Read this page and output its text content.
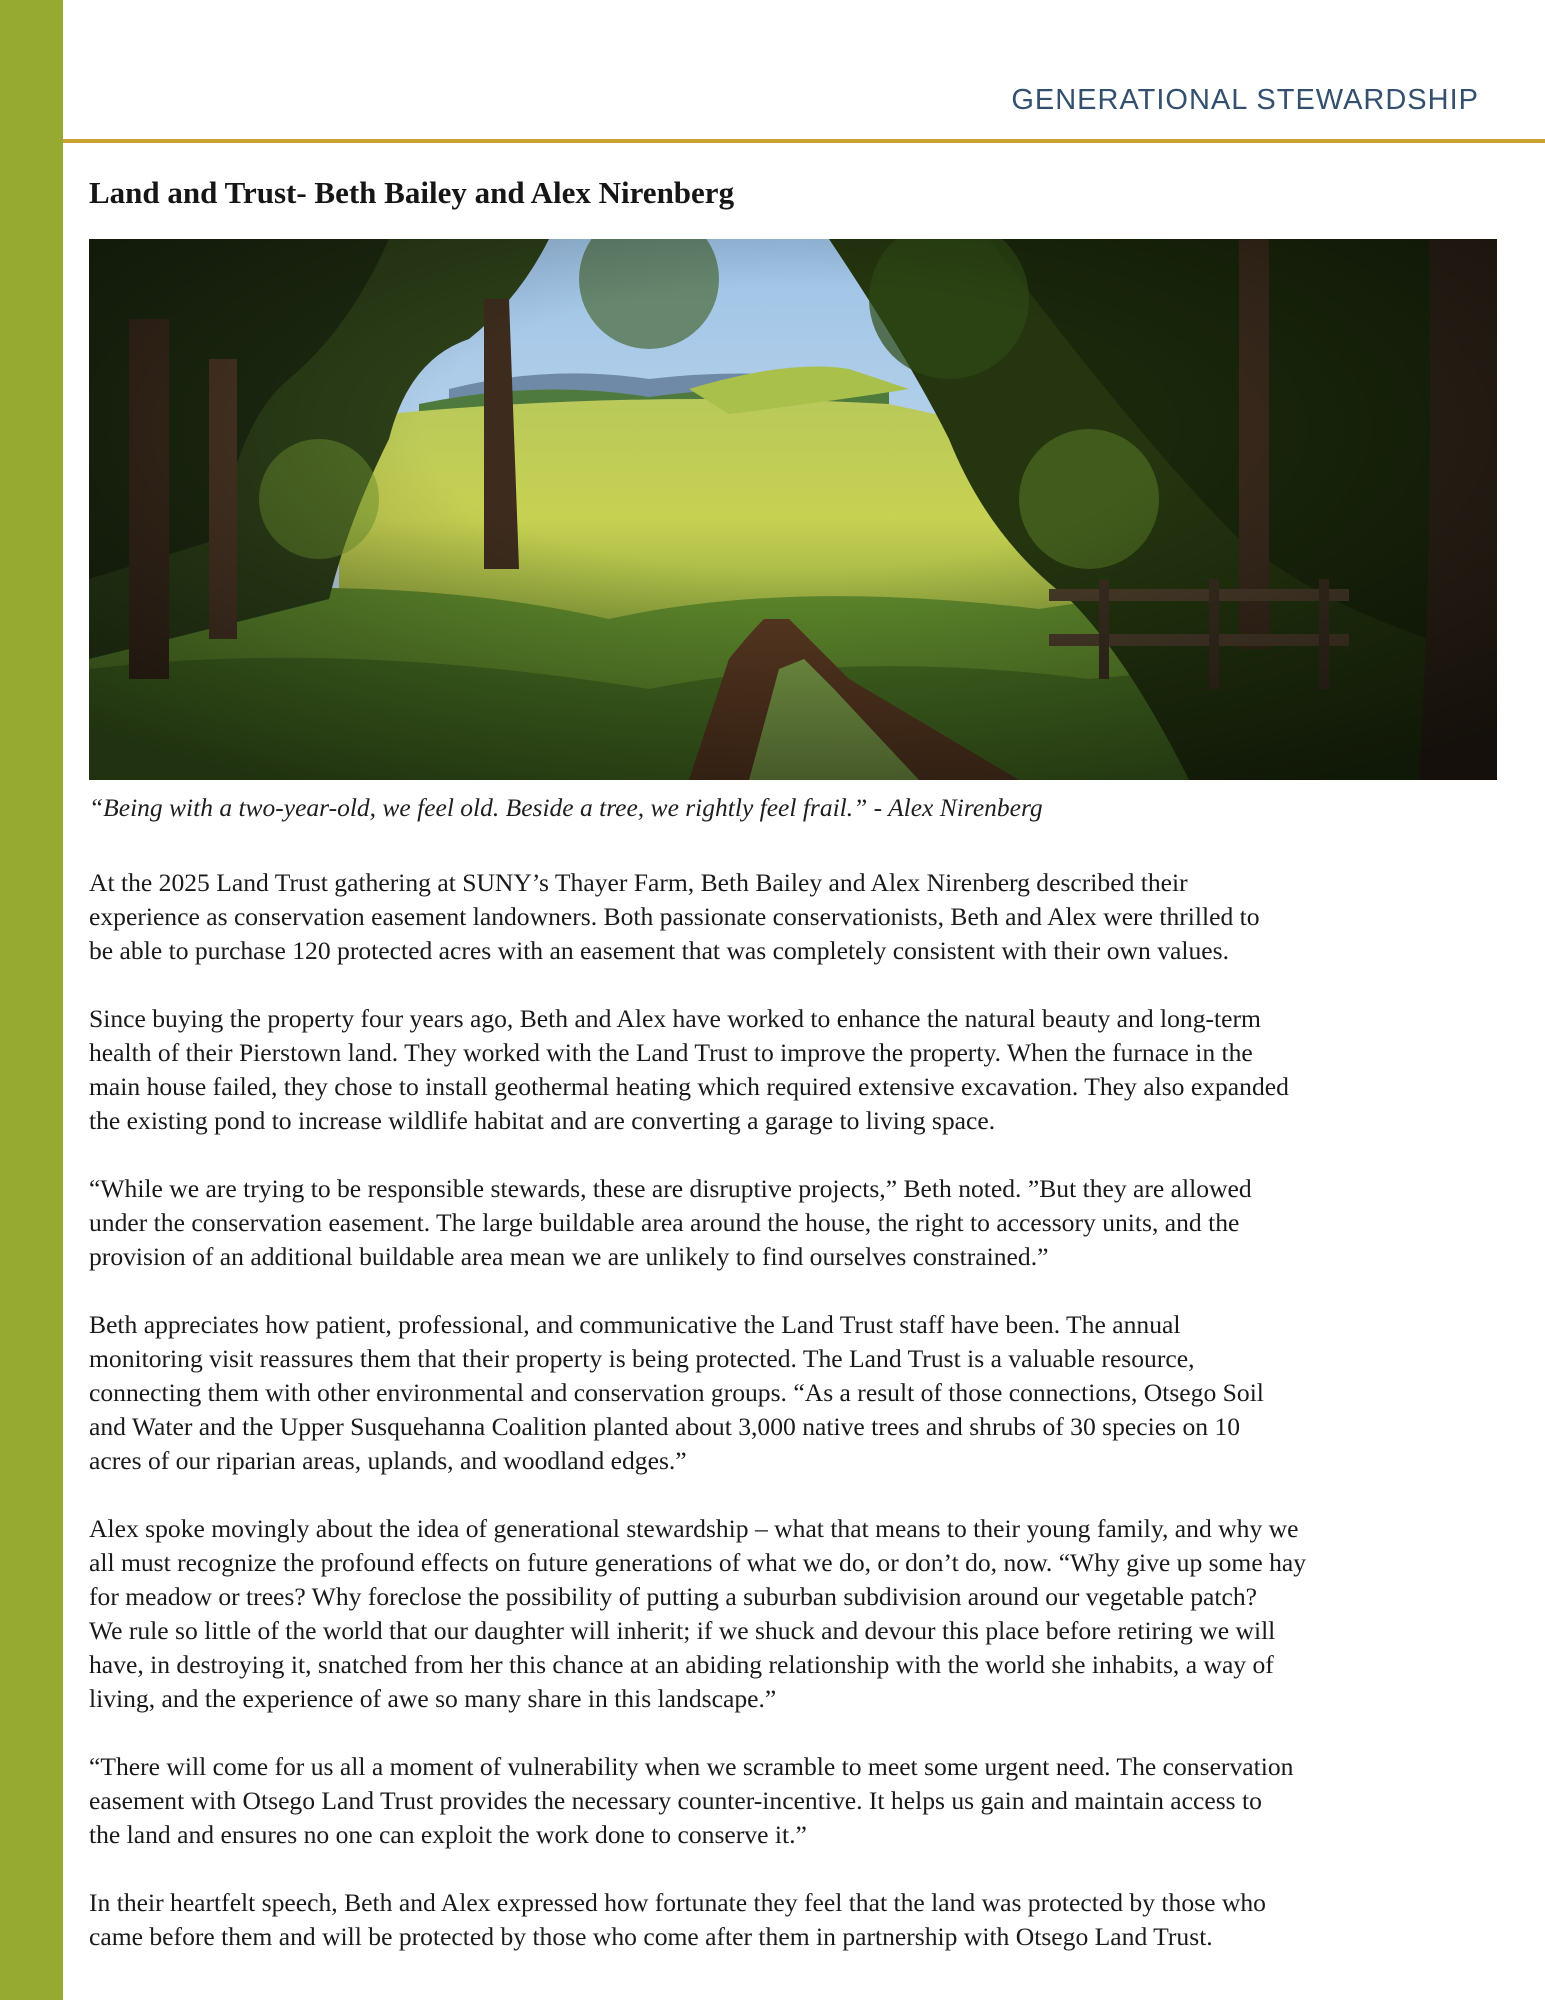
GENERATIONAL STEWARDSHIP
Land and Trust- Beth Bailey and Alex Nirenberg
“Being with a two-year-old, we feel old. Beside a tree, we rightly feel frail.” - Alex Nirenberg

At the 2025 Land Trust gathering at SUNY’s Thayer Farm, Beth Bailey and Alex Nirenberg described their
experience as conservation easement landowners. Both passionate conservationists, Beth and Alex were thrilled to
be able to purchase 120 protected acres with an easement that was completely consistent with their own values.

Since buying the property four years ago, Beth and Alex have worked to enhance the natural beauty and long-term
health of their Pierstown land. They worked with the Land Trust to improve the property. When the furnace in the
main house failed, they chose to install geothermal heating which required extensive excavation. They also expanded
the existing pond to increase wildlife habitat and are converting a garage to living space.

“While we are trying to be responsible stewards, these are disruptive projects,” Beth noted. ”But they are allowed
under the conservation easement. The large buildable area around the house, the right to accessory units, and the
provision of an additional buildable area mean we are unlikely to find ourselves constrained.”

Beth appreciates how patient, professional, and communicative the Land Trust staff have been. The annual
monitoring visit reassures them that their property is being protected. The Land Trust is a valuable resource,
connecting them with other environmental and conservation groups. “As a result of those connections, Otsego Soil
and Water and the Upper Susquehanna Coalition planted about 3,000 native trees and shrubs of 30 species on 10
acres of our riparian areas, uplands, and woodland edges.”

Alex spoke movingly about the idea of generational stewardship – what that means to their young family, and why we
all must recognize the profound effects on future generations of what we do, or don’t do, now. “Why give up some hay
for meadow or trees? Why foreclose the possibility of putting a suburban subdivision around our vegetable patch?
We rule so little of the world that our daughter will inherit; if we shuck and devour this place before retiring we will
have, in destroying it, snatched from her this chance at an abiding relationship with the world she inhabits, a way of
living, and the experience of awe so many share in this landscape.”

“There will come for us all a moment of vulnerability when we scramble to meet some urgent need. The conservation
easement with Otsego Land Trust provides the necessary counter-incentive. It helps us gain and maintain access to
the land and ensures no one can exploit the work done to conserve it.”

In their heartfelt speech, Beth and Alex expressed how fortunate they feel that the land was protected by those who
came before them and will be protected by those who come after them in partnership with Otsego Land Trust.
